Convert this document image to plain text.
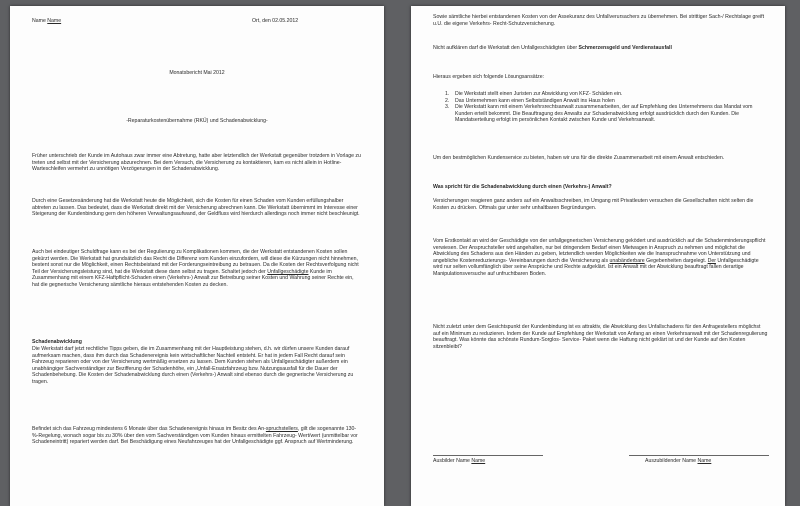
Name Name	Ort, den 02.05.2012
Monatsbericht Mai 2012
-Reparaturkostenübernahme (RKÜ) und Schadenabwicklung-

Früher unterschrieb der Kunde im Autohaus zwar immer eine Abtretung, hatte aber letztendlich der Werkstatt gegenüber trotzdem in Vorlage zu treten und selbst mit der Versicherung abzurechnen. Bei dem Versuch, die Versicherung zu kontaktieren, kam es nicht allein in Hotline- Warteschleifen vermehrt zu unnötigen Verzögerungen in der Schadenabwicklung.

Durch eine Gesetzesänderung hat die Werkstatt heute die Möglichkeit, sich die Kosten für einen Schaden vom Kunden erfüllungshalber abtreten zu lassen. Das bedeutet, dass die Werkstatt direkt mit der Versicherung abrechnen kann. Die Werkstatt übernimmt im Interesse einer Steigerung der Kundenbindung gern den höheren Verwaltungsaufwand, der Geldfluss wird hierdurch allerdings noch immer nicht beschleunigt.

Auch bei eindeutiger Schuldfrage kann es bei der Regulierung zu Komplikationen kommen, die der Werkstatt entstandenen Kosten sollen gekürzt werden. Die Werkstatt hat grundsätzlich das Recht die Differenz vom Kunden einzufordern, will diese die Kürzungen nicht hinnehmen, bestent sonst nur die Möglichkeit, einen Rechtsbeistand mit der Forderungseintreibung zu betrauen. Da die Kosten der Rechtsverfolgung nicht Teil der Versicherungsleistung sind, hat die Werkstatt diese dann selbst zu tragen. Schaltet jedoch der Unfallgeschädigte Kunde im Zusammenhang mit einem KFZ-Haftpflicht-Schaden einen (Verkehrs-) Anwalt zur Betreibung seiner Kosten und Wahrung seiner Rechte ein, hat die gegnerische Versicherung sämtliche hieraus entstehenden Kosten zu decken.

Schadenabwicklung

Die Werkstatt darf jetzt rechtliche Tipps geben, die im Zusammenhang mit der Hauptleistung stehen, d.h. wir dürfen unsere Kunden darauf aufmerksam machen, dass ihm durch das Schadenereignis kein wirtschaftlicher Nachteil entsteht. Er hat in jedem Fall Recht darauf sein Fahrzeug reparieren oder von der Versicherung wertmäßig ersetzen zu lassen. Dem Kunden stehen als Unfallgeschädigter außerdem ein unabhängiger Sachverständiger zur Bezifferung der Schadenhöhe, ein „Unfall-Ersatzfahrzeug bzw. Nutzungsausfall für die Dauer der Schadenbehebung. Die Kosten der Schadenabwicklung durch einen (Verkehrs-) Anwalt sind ebenso durch die gegnerische Versicherung zu tragen.

Befindet sich das Fahrzeug mindestens 6 Monate über das Schadenereignis hinaus im Besitz des An-spruchstellers, gilt die sogenannte 130-%-Regelung, wonach sogar bis zu 30% über den vom Sachverständigen vom Kunden hinaus ermittelten Fahrzeug- Wert/wert (unmittelbar vor Schadeneintritt) repariert werden darf. Bei Beschädigung eines Neufahrzeuges hat der Unfallgeschädigte ggf. Anspruch auf Wertminderung.

Sowie sämtliche hierbei entstandenen Kosten von der Assekuranz des Unfallverursachers zu übernehmen. Bei strittiger Sach-/ Rechtslage greift u.U. die eigene Verkehrs- Recht-Schutzversicherung.

Nicht aufklären darf die Werkstatt den Unfallgeschädigten über Schmerzensgeld und Verdienstausfall

Hieraus ergeben sich folgende Lösungsansätze:
1. Die Werkstatt stellt einen Juristen zur Abwicklung von KFZ- Schäden ein.
2. Das Unternehmen kann einen Selbstständigen Anwalt ins Haus holen
3. Die Werkstatt kann mit einem Verkehrsrechtsanwalt zusammenarbeiten, der auf Empfehlung des Unternehmens das Mandat vom Kunden erteilt bekommt. Die Beauftragung des Anwalts zur Schadenabwicklung erfolgt ausdrücklich durch den Kunden. Die Mandatserteilung erfolgt im persönlichen Kontakt zwischen Kunde und Verkehrsanwalt.

Um den bestmöglichen Kundenservice zu bieten, haben wir uns für die direkte Zusammenarbeit mit einem Anwalt entschieden.

Was spricht für die Schadenabwicklung durch einen (Verkehrs-) Anwalt?

Versicherungen reagieren ganz anders auf ein Anwaltsschreiben, im Umgang mit Privatleuten versuchen die Gesellschaften nicht selten die Kosten zu drücken. Oftmals gar unter sehr unhaltbaren Begründungen.

Vom Erstkontakt an wird der Geschädigte von der unfallgegnerischen Versicherung geködert und ausdrücklich auf die Schadenminderungspflicht verwiesen. Der Anspruchsteller wird angehalten, nur bei dringendem Bedarf einen Mietwagen in Anspruch zu nehmen und möglichst die Abwicklung des Schadens aus den Händen zu geben, letztendlich werden Möglichkeiten wie die Inanspruchnahme von Unterstützung und angebliche Kostenreduzierungs- Vereinbarungen durch die Versicherung als unabänderbare Gegebenheiten dargelegt. Der Unfallgeschädigte wird nur selten vollumfänglich über seine Ansprüche und Rechte aufgeklärt. Ist ein Anwalt mit der Abwicklung beauftragt fallen derartige Manipulationsversuche auf unfruchtbaren Boden.

Nicht zuletzt unter dem Gesichtspunkt der Kundenbindung ist es attraktiv, die Abwicklung des Unfallschadens für den Anfragestellers möglichst auf ein Minimum zu reduzieren. Indem der Kunde auf Empfehlung der Werkstatt von Anfang an einen Verkehrsanwalt mit der Schadenregulierung beauftragt. Was könnte das schönste Rundum-Sorglos- Service- Paket wenn die Haftung nicht geklärt ist und der Kunde auf den Kosten sitzenbleibt?

Ausbilder Name Name	Auszubildender Name Name
